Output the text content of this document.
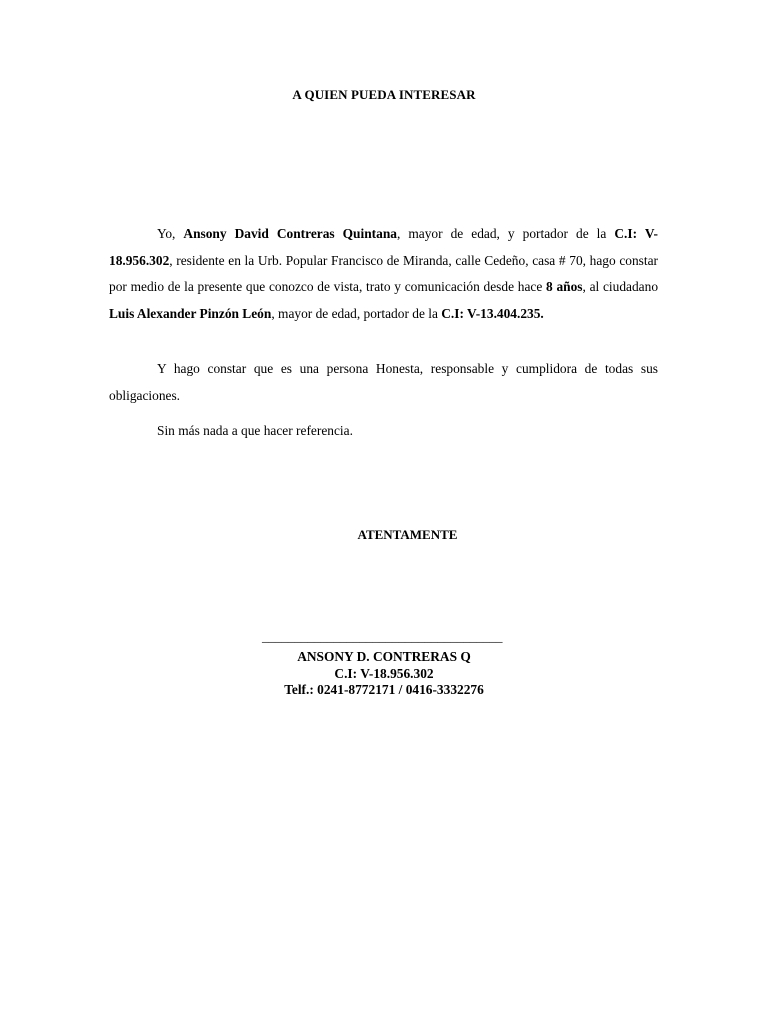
A QUIEN PUEDA INTERESAR

Yo, Ansony David Contreras Quintana, mayor de edad, y portador de la C.I: V-18.956.302, residente en la Urb. Popular Francisco de Miranda, calle Cedeño, casa # 70, hago constar por medio de la presente que conozco de vista, trato y comunicación desde hace 8 años, al ciudadano Luis Alexander Pinzón León, mayor de edad, portador de la C.I: V-13.404.235.

Y hago constar que es una persona Honesta, responsable y cumplidora de todas sus obligaciones.

Sin más nada a que hacer referencia.

ATENTAMENTE
_____________________________________
ANSONY D. CONTRERAS Q
C.I: V-18.956.302
Telf.: 0241-8772171 / 0416-3332276
